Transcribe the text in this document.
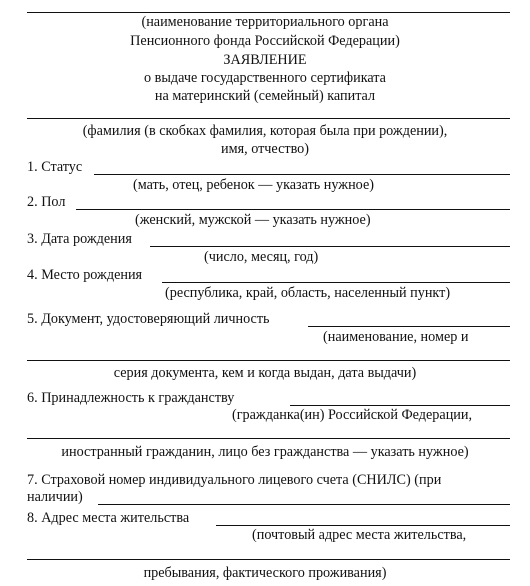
(наименование территориального органа
Пенсионного фонда Российской Федерации)
ЗАЯВЛЕНИЕ
о выдаче государственного сертификата
на материнский (семейный) капитал
(фамилия (в скобках фамилия, которая была при рождении),
имя, отчество)
1. Статус
(мать, отец, ребенок — указать нужное)
2. Пол
(женский, мужской — указать нужное)
3. Дата рождения
(число, месяц, год)
4. Место рождения
(республика, край, область, населенный пункт)
5. Документ, удостоверяющий личность
(наименование, номер и
серия документа, кем и когда выдан, дата выдачи)
6. Принадлежность к гражданству
(гражданка(ин) Российской Федерации,
иностранный гражданин, лицо без гражданства — указать нужное)
7. Страховой номер индивидуального лицевого счета (СНИЛС) (при
наличии)
8. Адрес места жительства
(почтовый адрес места жительства,
пребывания, фактического проживания)
